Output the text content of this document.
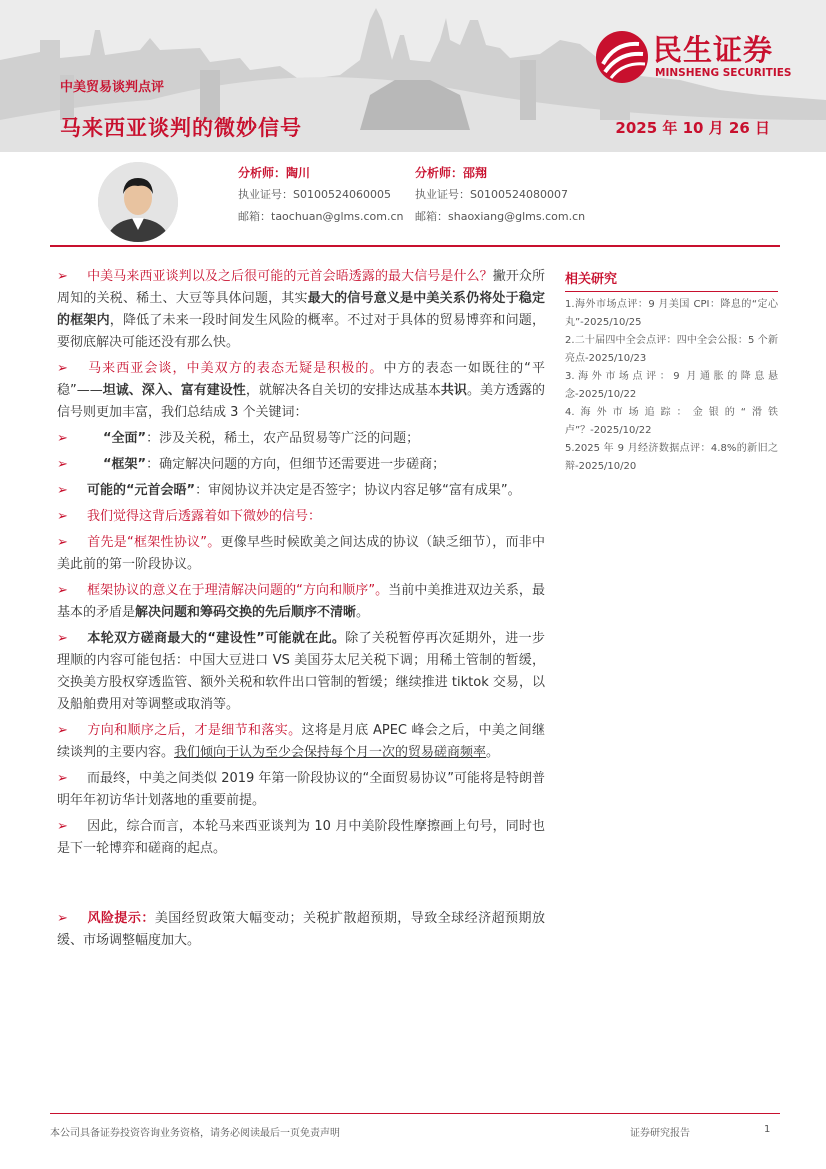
民生证券
MINSHENG SECURITIES
中美贸易谈判点评
马来西亚谈判的微妙信号	2025 年 10 月 26 日
分析师：陶川
执业证号：S0100524060005
邮箱：taochuan@glms.com.cn
分析师：邵翔
执业证号：S0100524080007
邮箱：shaoxiang@glms.com.cn

➢ 中美马来西亚谈判以及之后很可能的元首会晤透露的最大信号是什么？撇开众所周知的关税、稀土、大豆等具体问题，其实最大的信号意义是中美关系仍将处于稳定的框架内，降低了未来一段时间发生风险的概率。不过对于具体的贸易博弈和问题，要彻底解决可能还没有那么快。

➢ 马来西亚会谈，中美双方的表态无疑是积极的。中方的表态一如既往的“平稳”——坦诚、深入、富有建设性，就解决各自关切的安排达成基本共识。美方透露的信号则更加丰富，我们总结成 3 个关键词：

➢	“全面”：涉及关税，稀土，农产品贸易等广泛的问题；

➢	“框架”：确定解决问题的方向，但细节还需要进一步磋商；

➢ 可能的“元首会晤”：审阅协议并决定是否签字；协议内容足够“富有成果”。

➢ 我们觉得这背后透露着如下微妙的信号：

➢ 首先是“框架性协议”。更像早些时候欧美之间达成的协议（缺乏细节），而非中美此前的第一阶段协议。

➢ 框架协议的意义在于理清解决问题的“方向和顺序”。当前中美推进双边关系，最基本的矛盾是解决问题和筹码交换的先后顺序不清晰。

➢ 本轮双方磋商最大的“建设性”可能就在此。除了关税暂停再次延期外，进一步理顺的内容可能包括：中国大豆进口 VS 美国芬太尼关税下调；用稀土管制的暂缓，交换美方股权穿透监管、额外关税和软件出口管制的暂缓；继续推进 tiktok 交易，以及船舶费用对等调整或取消等。

➢ 方向和顺序之后，才是细节和落实。这将是月底 APEC 峰会之后，中美之间继续谈判的主要内容。我们倾向于认为至少会保持每个月一次的贸易磋商频率。

➢ 而最终，中美之间类似 2019 年第一阶段协议的“全面贸易协议”可能将是特朗普明年年初访华计划落地的重要前提。

➢ 因此，综合而言，本轮马来西亚谈判为 10 月中美阶段性摩擦画上句号，同时也是下一轮博弈和磋商的起点。

➢ 风险提示：美国经贸政策大幅变动；关税扩散超预期，导致全球经济超预期放缓、市场调整幅度加大。

相关研究
1.海外市场点评：9 月美国 CPI：降息的“定心丸”-2025/10/25
2.二十届四中全会点评：四中全会公报：5 个新亮点-2025/10/23
3.海外市场点评：9 月通胀的降息悬念-2025/10/22
4.海外市场追踪：金银的“滑铁卢”？-2025/10/22
5.2025 年 9 月经济数据点评：4.8%的新旧之辩-2025/10/20
本公司具备证券投资咨询业务资格，请务必阅读最后一页免责声明	证券研究报告	1
